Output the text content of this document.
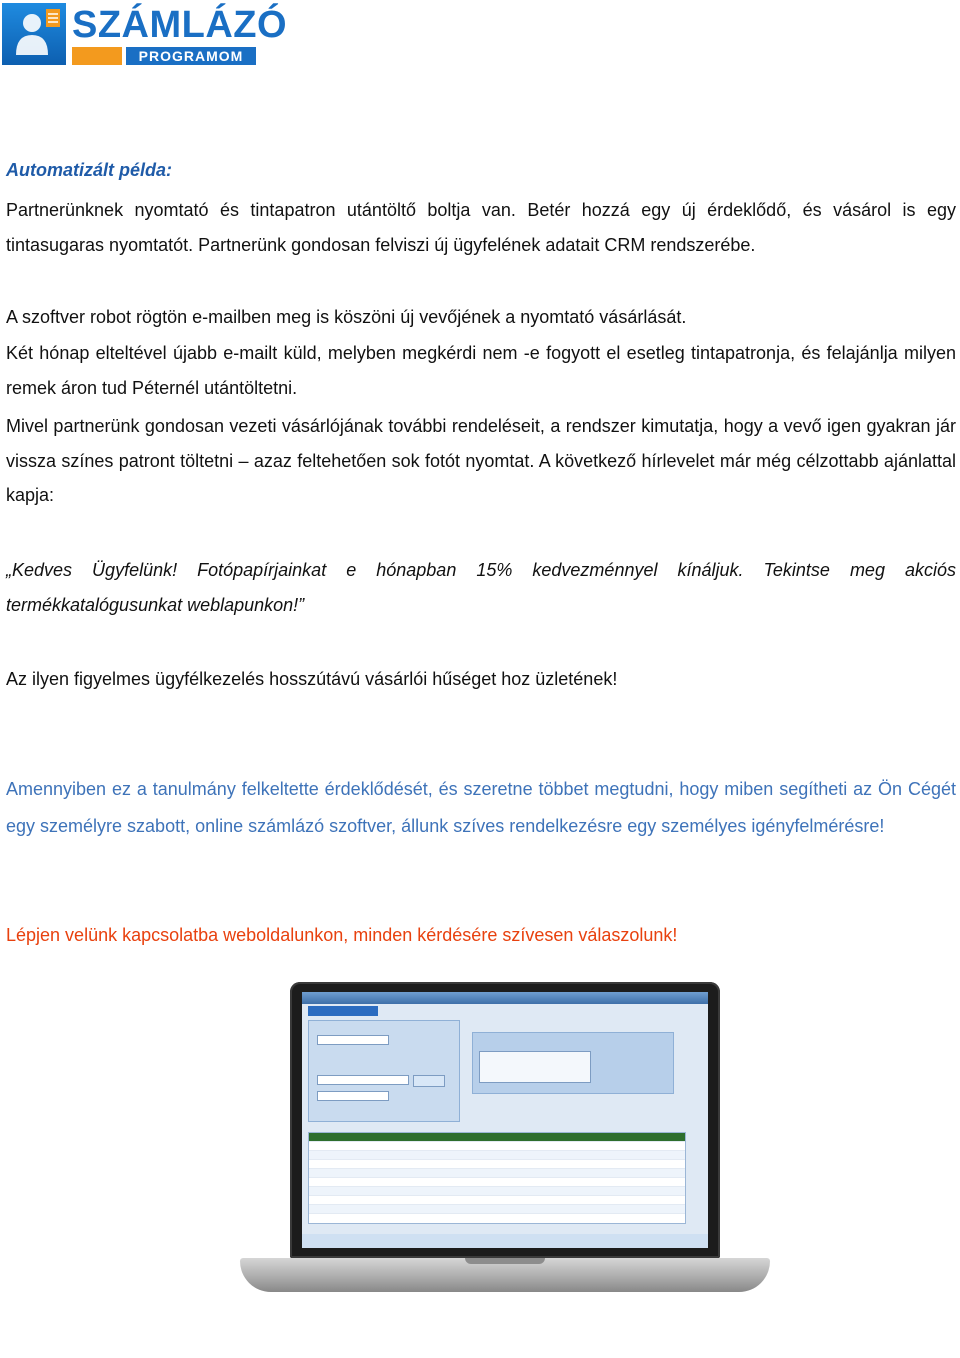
SZÁMLÁZÓ
PROGRAMOM

Automatizált példa:

Partnerünknek nyomtató és tintapatron utántöltő boltja van. Betér hozzá egy új érdeklődő, és vásárol is egy tintasugaras nyomtatót. Partnerünk gondosan felviszi új ügyfelének adatait CRM rendszerébe.

A szoftver robot rögtön e-mailben meg is köszöni új vevőjének a nyomtató vásárlását.

Két hónap elteltével újabb e-mailt küld, melyben megkérdi nem -e fogyott el esetleg tintapatronja, és felajánlja milyen remek áron tud Péternél utántöltetni.

Mivel partnerünk gondosan vezeti vásárlójának további rendeléseit, a rendszer kimutatja, hogy a vevő igen gyakran jár vissza színes patront töltetni – azaz feltehetően sok fotót nyomtat. A következő hírlevelet már még célzottabb ajánlattal kapja:

„Kedves Ügyfelünk! Fotópapírjainkat e hónapban 15% kedvezménnyel kínáljuk. Tekintse meg akciós termékkatalógusunkat weblapunkon!”

Az ilyen figyelmes ügyfélkezelés hosszútávú vásárlói hűséget hoz üzletének!

Amennyiben ez a tanulmány felkeltette érdeklődését, és szeretne többet megtudni, hogy miben segítheti az Ön Cégét egy személyre szabott, online számlázó szoftver, állunk szíves rendelkezésre egy személyes igényfelmérésre!

Lépjen velünk kapcsolatba weboldalunkon, minden kérdésére szívesen válaszolunk!
